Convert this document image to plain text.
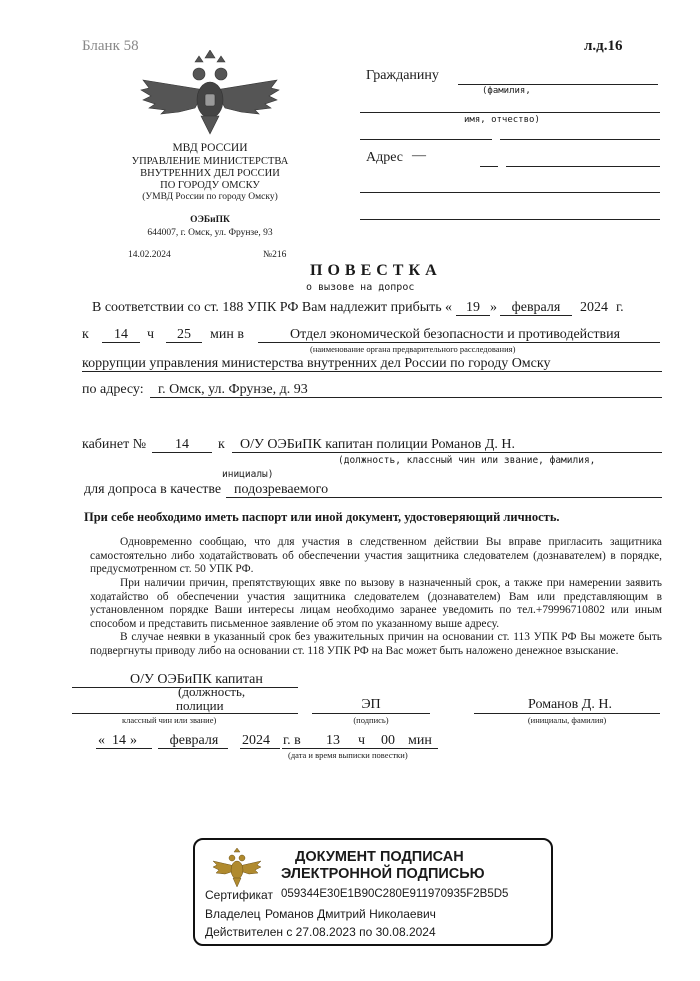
Бланк 58	л.д.16
МВД РОССИИ
УПРАВЛЕНИЕ МИНИСТЕРСТВА
ВНУТРЕННИХ ДЕЛ РОССИИ
ПО ГОРОДУ ОМСКУ
(УМВД России по городу Омску)
ОЭБиПК
644007, г. Омск, ул. Фрунзе, 93
14.02.2024	№216
Гражданину
(фамилия,
имя, отчество)
Адрес —
ПОВЕСТКА
о вызове на допрос
В соответствии со ст. 188 УПК РФ Вам надлежит прибыть «	19 »	февраля	2024 г.
к	14	ч	25	мин в	Отдел экономической безопасности и противодействия
(наименование органа предварительного расследования)
коррупции управления министерства внутренних дел России по городу Омску
по адресу: г. Омск, ул. Фрунзе, д. 93
кабинет №	14	к О/У ОЭБиПК капитан полиции Романов Д. Н.
(должность, классный чин или звание, фамилия,
инициалы)
для допроса в качестве подозреваемого
При себе необходимо иметь паспорт или иной документ, удостоверяющий личность.
Одновременно сообщаю, что для участия в следственном действии Вы вправе пригласить защитника самостоятельно либо ходатайствовать об обеспечении участия защитника следователем (дознавателем) в порядке, предусмотренном ст. 50 УПК РФ.
При наличии причин, препятствующих явке по вызову в назначенный срок, а также при намерении заявить ходатайство об обеспечении участия защитника следователем (дознавателем) Вам или представляющим в установленном порядке Ваши интересы лицам необходимо заранее уведомить по тел.+79996710802 или иным способом и представить письменное заявление об этом по указанному выше адресу.
В случае неявки в указанный срок без уважительных причин на основании ст. 113 УПК РФ Вы можете быть подвергнуты приводу либо на основании ст. 118 УПК РФ на Вас может быть наложено денежное взыскание.
О/У ОЭБиПК капитан
(должность,
полиции
классный чин или звание)
ЭП
(подпись)
Романов Д. Н.
(инициалы, фамилия)
« 14 »	февраля	2024 г. в	13	ч	00 мин
(дата и время выписки повестки)
ДОКУМЕНТ ПОДПИСАН
ЭЛЕКТРОННОЙ ПОДПИСЬЮ
Сертификат 059344E30E1B90C280E911970935F2B5D5
Владелец Романов Дмитрий Николаевич
Действителен с 27.08.2023 по 30.08.2024
